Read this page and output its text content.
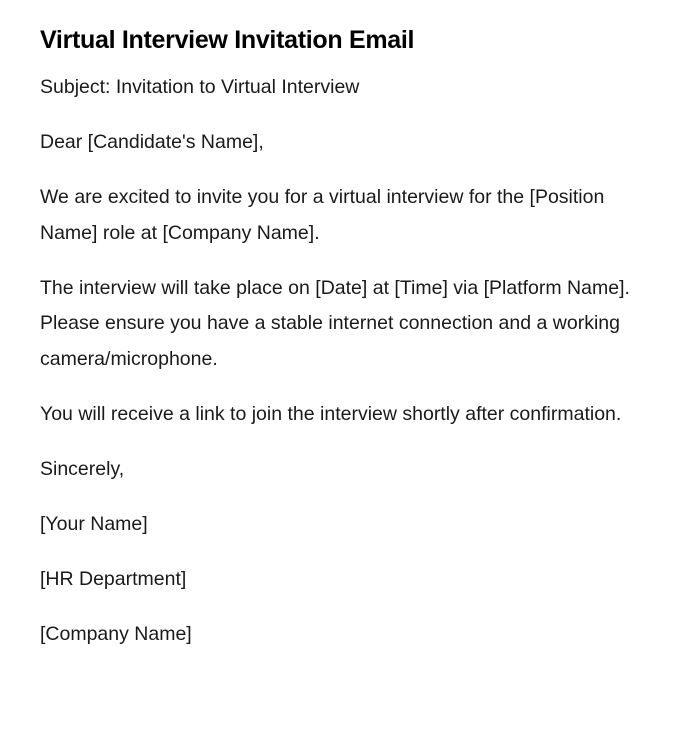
Virtual Interview Invitation Email

Subject: Invitation to Virtual Interview

Dear [Candidate's Name],

We are excited to invite you for a virtual interview for the [Position Name] role at [Company Name].

The interview will take place on [Date] at [Time] via [Platform Name]. Please ensure you have a stable internet connection and a working camera/microphone.

You will receive a link to join the interview shortly after confirmation.

Sincerely,

[Your Name]

[HR Department]

[Company Name]
